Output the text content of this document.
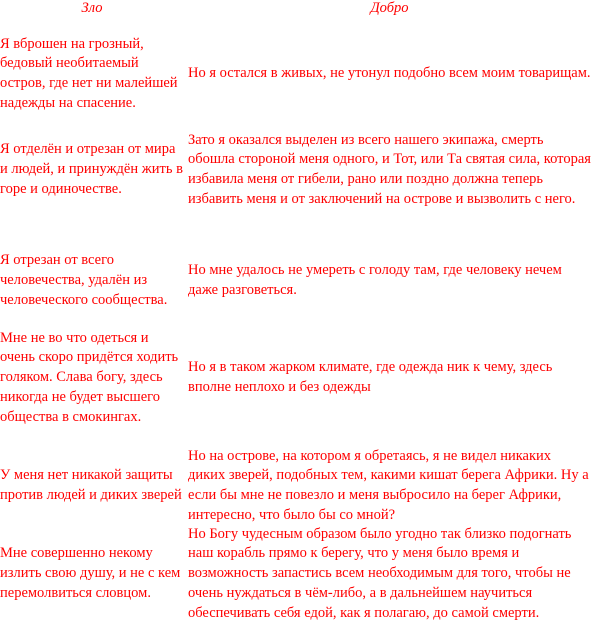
Зло	Добро
Я вброшен на грозный, бедовый необитаемый остров, где нет ни малейшей надежды на спасение.
Но я остался в живых, не утонул подобно всем моим товарищам.
Я отделён и отрезан от мира и людей, и принуждён жить в горе и одиночестве.
Зато я оказался выделен из всего нашего экипажа, смерть обошла стороной меня одного, и Тот, или Та святая сила, которая избавила меня от гибели, рано или поздно должна теперь избавить меня и от заключений на острове и вызволить с него.
Я отрезан от всего человечества, удалён из человеческого сообщества.
Но мне удалось не умереть с голоду там, где человеку нечем даже разговеться.
Мне не во что одеться и очень скоро придётся ходить голяком. Слава богу, здесь никогда не будет высшего общества в смокингах.
Но я в таком жарком климате, где одежда ник к чему, здесь вполне неплохо и без одежды
У меня нет никакой защиты против людей и диких зверей
Но на острове, на котором я обретаясь, я не видел никаких диких зверей, подобных тем, какими кишат берега Африки. Ну а если бы мне не повезло и меня выбросило на берег Африки, интересно, что было бы со мной?
Мне совершенно некому излить свою душу, и не с кем перемолвиться словцом.
Но Богу чудесным образом было угодно так близко подогнать наш корабль прямо к берегу, что у меня было время и возможность запастись всем необходимым для того, чтобы не очень нуждаться в чём-либо, а в дальнейшем научиться обеспечивать себя едой, как я полагаю, до самой смерти.
